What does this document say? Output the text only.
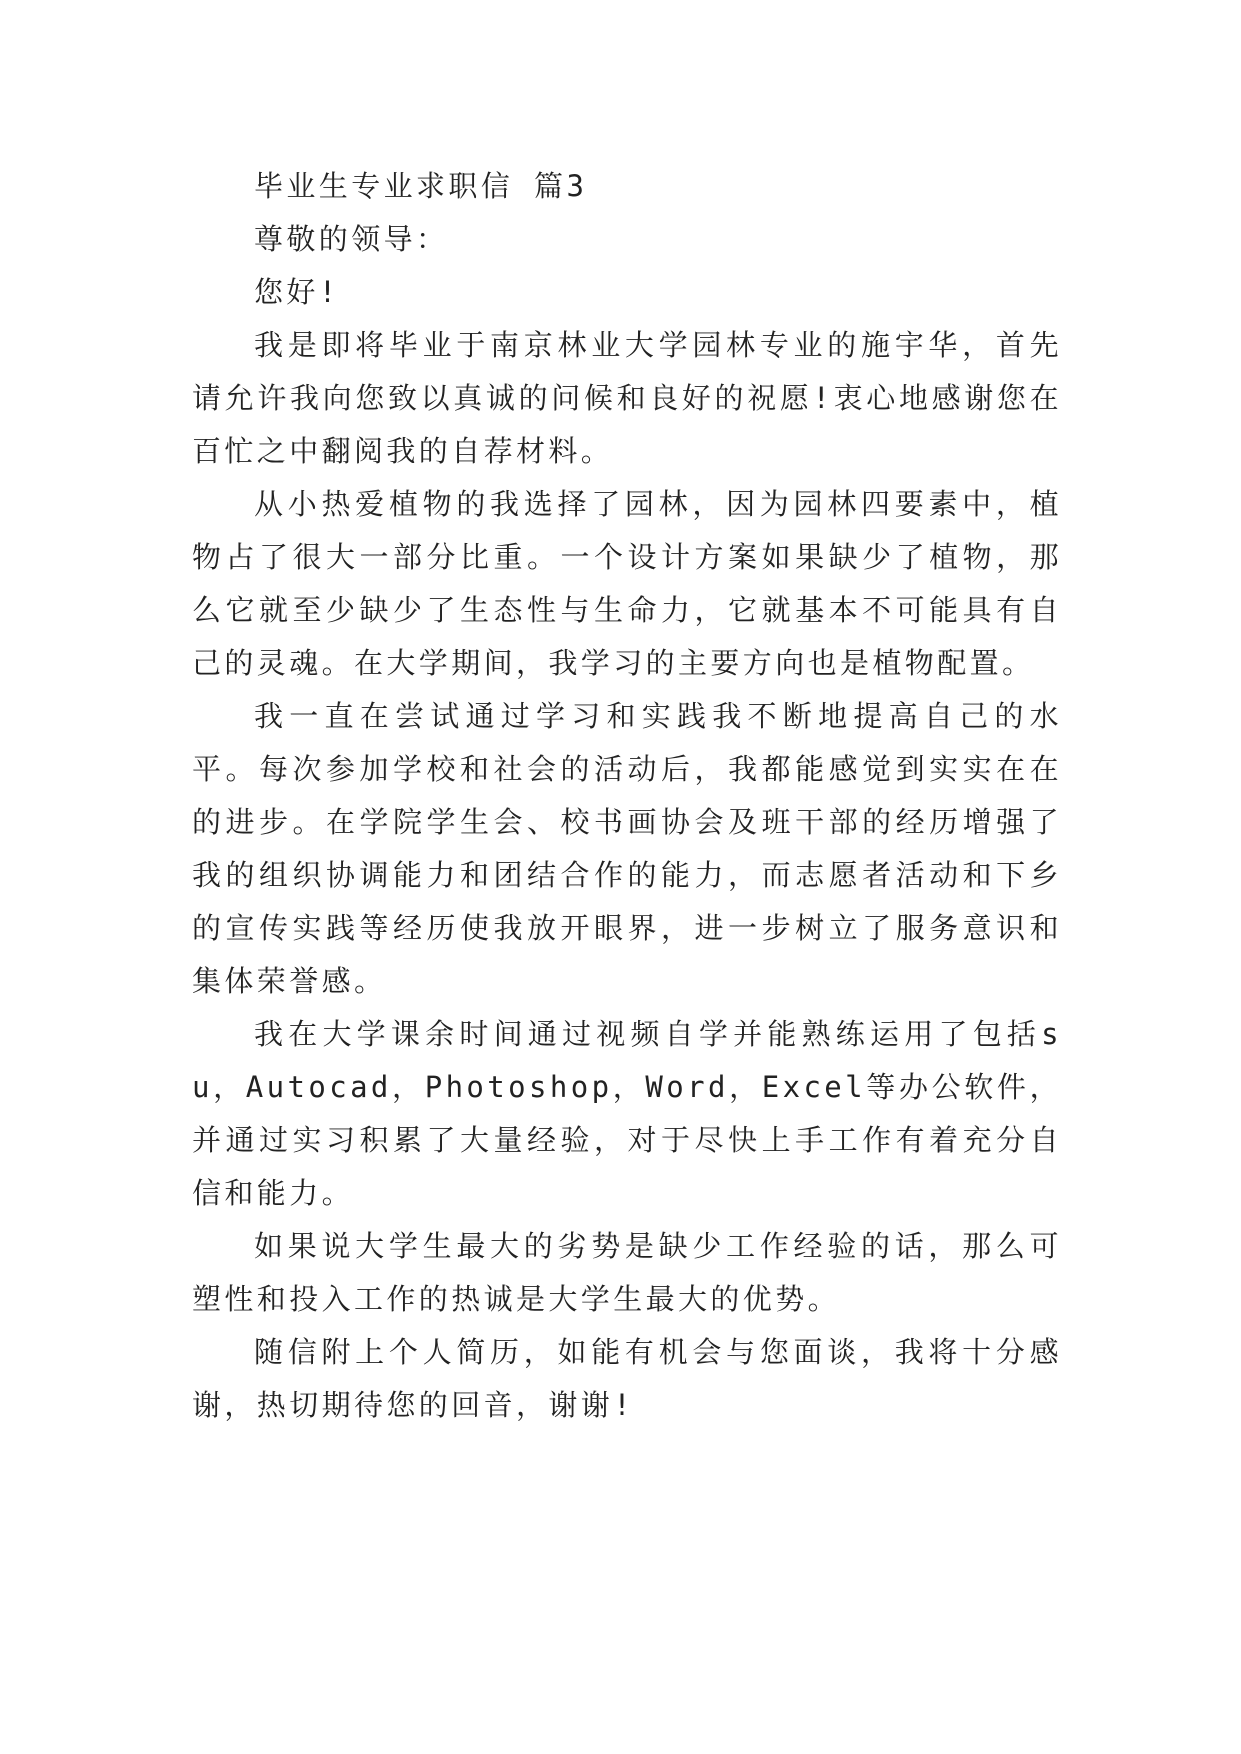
毕业生专业求职信 篇3

尊敬的领导：

您好!

我是即将毕业于南京林业大学园林专业的施宇华，首先请允许我向您致以真诚的问候和良好的祝愿!衷心地感谢您在百忙之中翻阅我的自荐材料。

从小热爱植物的我选择了园林，因为园林四要素中，植物占了很大一部分比重。一个设计方案如果缺少了植物，那么它就至少缺少了生态性与生命力，它就基本不可能具有自己的灵魂。在大学期间，我学习的主要方向也是植物配置。

我一直在尝试通过学习和实践我不断地提高自己的水平。每次参加学校和社会的活动后，我都能感觉到实实在在的进步。在学院学生会、校书画协会及班干部的经历增强了我的组织协调能力和团结合作的能力，而志愿者活动和下乡的宣传实践等经历使我放开眼界，进一步树立了服务意识和集体荣誉感。

我在大学课余时间通过视频自学并能熟练运用了包括su，Autocad，Photoshop，Word，Excel等办公软件，并通过实习积累了大量经验，对于尽快上手工作有着充分自信和能力。

如果说大学生最大的劣势是缺少工作经验的话，那么可塑性和投入工作的热诚是大学生最大的优势。

随信附上个人简历，如能有机会与您面谈，我将十分感谢，热切期待您的回音，谢谢!
